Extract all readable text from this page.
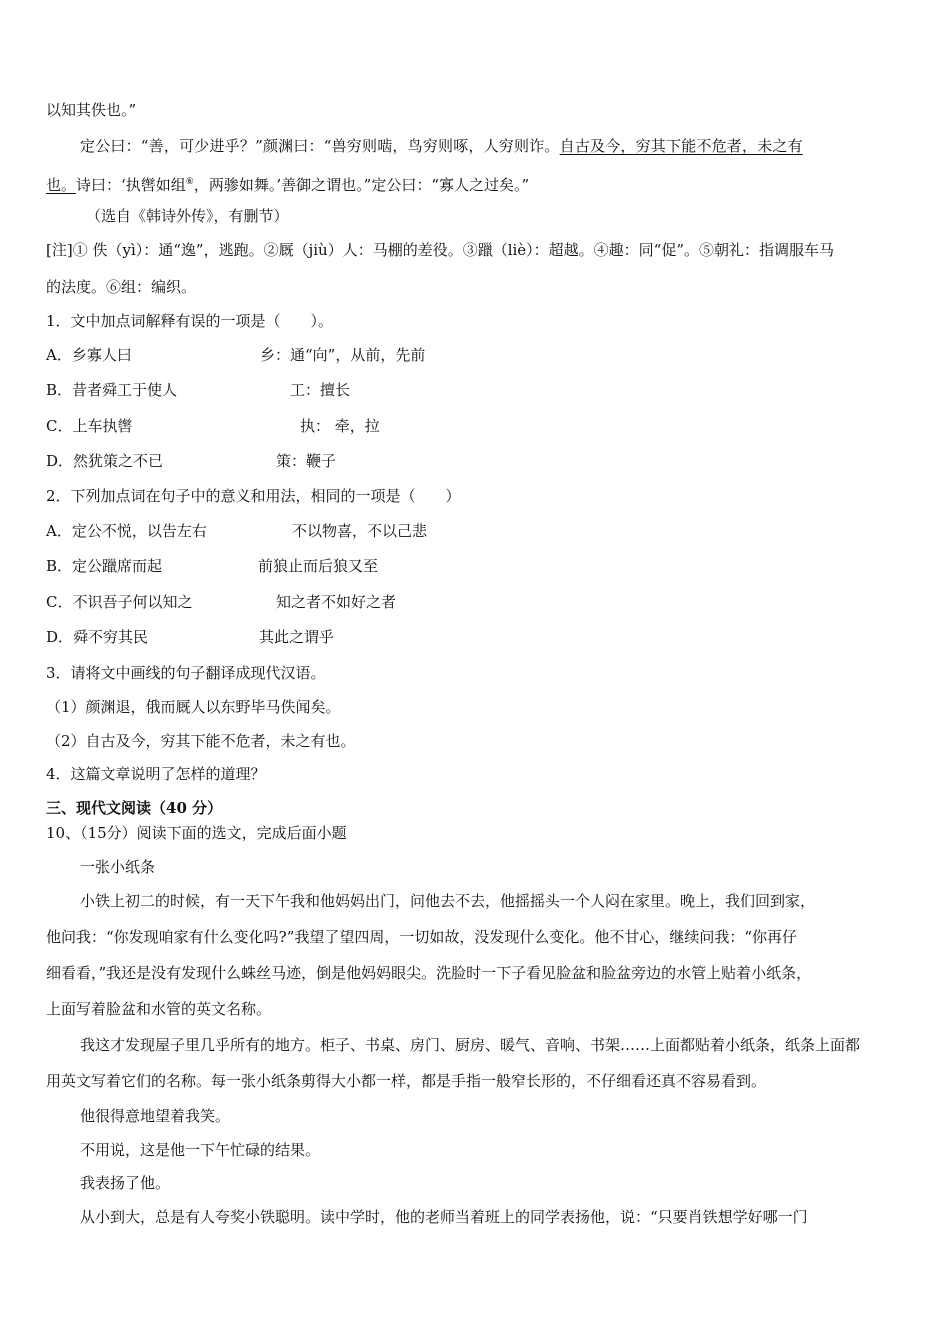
以知其佚也。”
定公曰：“善，可少进乎？”颜渊曰：“兽穷则啮，鸟穷则啄，人穷则诈。自古及今，穷其下能不危者，未之有
也。诗曰：‘执辔如组⑥，两骖如舞。’善御之谓也。”定公曰：“寡人之过矣。”
（选自《韩诗外传》，有删节）
[注]① 佚（yì）：通“逸”，逃跑。②厩（jiù）人：马棚的差役。③躐（liè）：超越。④趣：同“促”。⑤朝礼：指调服车马
的法度。⑥组：编织。
1．文中加点词解释有误的一项是（　　）。
A．乡寡人曰	乡：通“向”，从前，先前
B．昔者舜工于使人	工：擅长
C．上车执辔	执： 牵，拉
D．然犹策之不已	策：鞭子
2．下列加点词在句子中的意义和用法，相同的一项是（　　）
A．定公不悦，以告左右	不以物喜，不以己悲
B．定公躐席而起	前狼止而后狼又至
C．不识吾子何以知之	知之者不如好之者
D．舜不穷其民	其此之谓乎
3．请将文中画线的句子翻译成现代汉语。
（1）颜渊退，俄而厩人以东野毕马佚闻矣。
（2）自古及今，穷其下能不危者，未之有也。
4．这篇文章说明了怎样的道理？
三、现代文阅读（40 分）
10、（15分）阅读下面的选文，完成后面小题
一张小纸条
小铁上初二的时候，有一天下午我和他妈妈出门，问他去不去，他摇摇头一个人闷在家里。晚上，我们回到家，
他问我：“你发现咱家有什么变化吗?”我望了望四周，一切如故，没发现什么变化。他不甘心，继续问我：“你再仔
细看看，”我还是没有发现什么蛛丝马迹，倒是他妈妈眼尖。洗脸时一下子看见脸盆和脸盆旁边的水管上贴着小纸条，
上面写着脸盆和水管的英文名称。
我这才发现屋子里几乎所有的地方。柜子、书桌、房门、厨房、暖气、音响、书架……上面都贴着小纸条，纸条上面都
用英文写着它们的名称。每一张小纸条剪得大小都一样，都是手指一般窄长形的，不仔细看还真不容易看到。
他很得意地望着我笑。
不用说，这是他一下午忙碌的结果。
我表扬了他。
从小到大，总是有人夸奖小铁聪明。读中学时，他的老师当着班上的同学表扬他，说：“只要肖铁想学好哪一门
